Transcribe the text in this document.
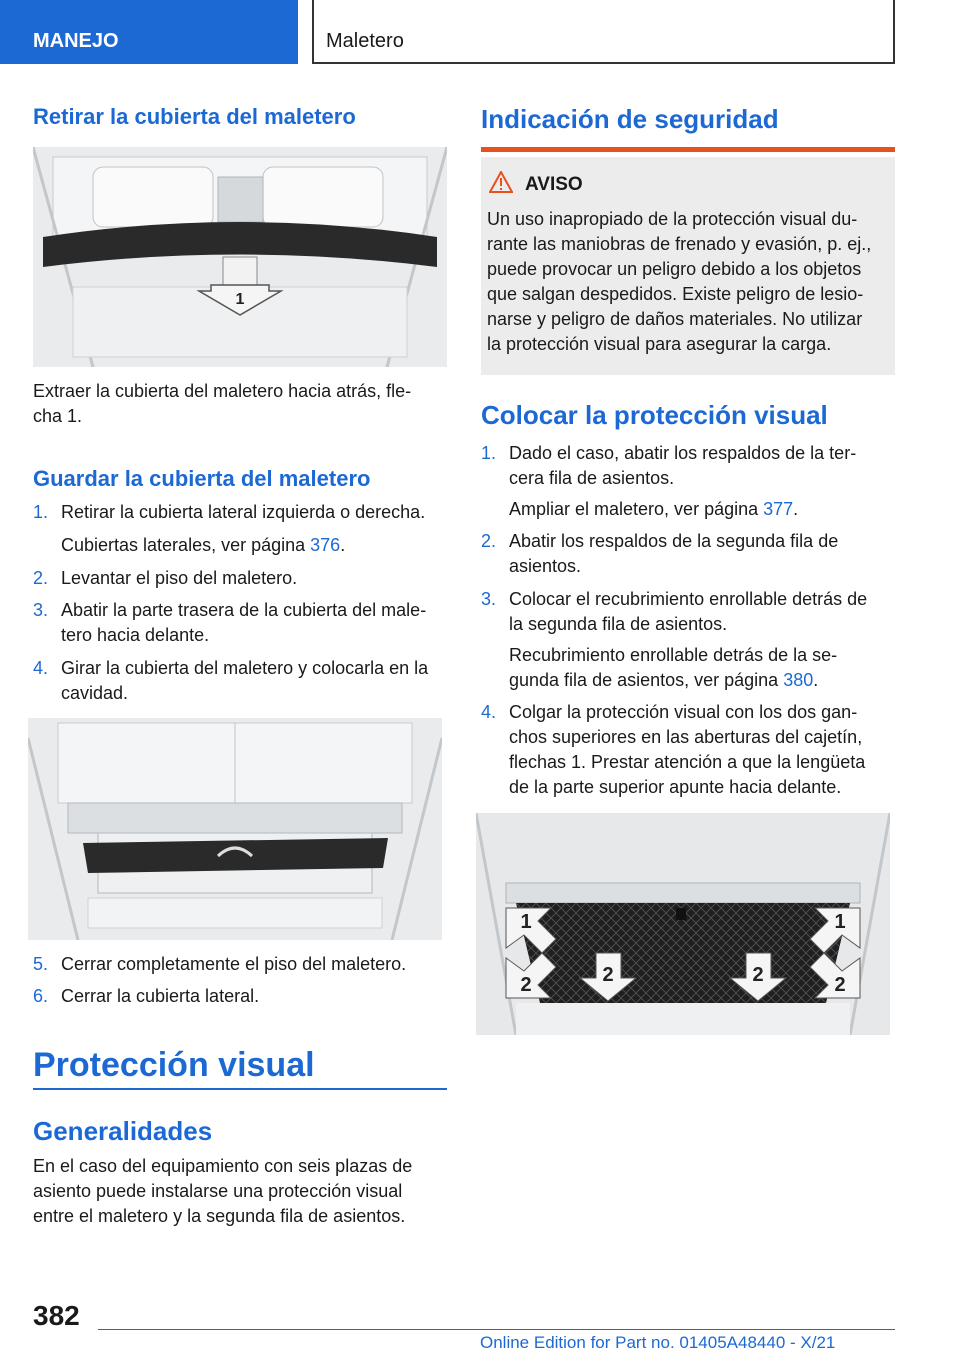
MANEJO	Maletero
Retirar la cubierta del maletero
1
Extraer la cubierta del maletero hacia atrás, fle-
cha 1.
Guardar la cubierta del maletero
1. Retirar la cubierta lateral izquierda o derecha.
Cubiertas laterales, ver página 376.
2. Levantar el piso del maletero.
3. Abatir la parte trasera de la cubierta del male-
tero hacia delante.
4. Girar la cubierta del maletero y colocarla en la
cavidad.
5. Cerrar completamente el piso del maletero.
6. Cerrar la cubierta lateral.
Protección visual
Generalidades
En el caso del equipamiento con seis plazas de
asiento puede instalarse una protección visual
entre el maletero y la segunda fila de asientos.
Indicación de seguridad
AVISO
Un uso inapropiado de la protección visual du-
rante las maniobras de frenado y evasión, p. ej.,
puede provocar un peligro debido a los objetos
que salgan despedidos. Existe peligro de lesio-
narse y peligro de daños materiales. No utilizar
la protección visual para asegurar la carga.
Colocar la protección visual
1. Dado el caso, abatir los respaldos de la ter-
cera fila de asientos.
Ampliar el maletero, ver página 377.
2. Abatir los respaldos de la segunda fila de
asientos.
3. Colocar el recubrimiento enrollable detrás de
la segunda fila de asientos.
Recubrimiento enrollable detrás de la se-
gunda fila de asientos, ver página 380.
4. Colgar la protección visual con los dos gan-
chos superiores en las aberturas del cajetín,
flechas 1. Prestar atención a que la lengüeta
de la parte superior apunte hacia delante.
1	1
2	2	2	2
382
Online Edition for Part no. 01405A48440 - X/21
